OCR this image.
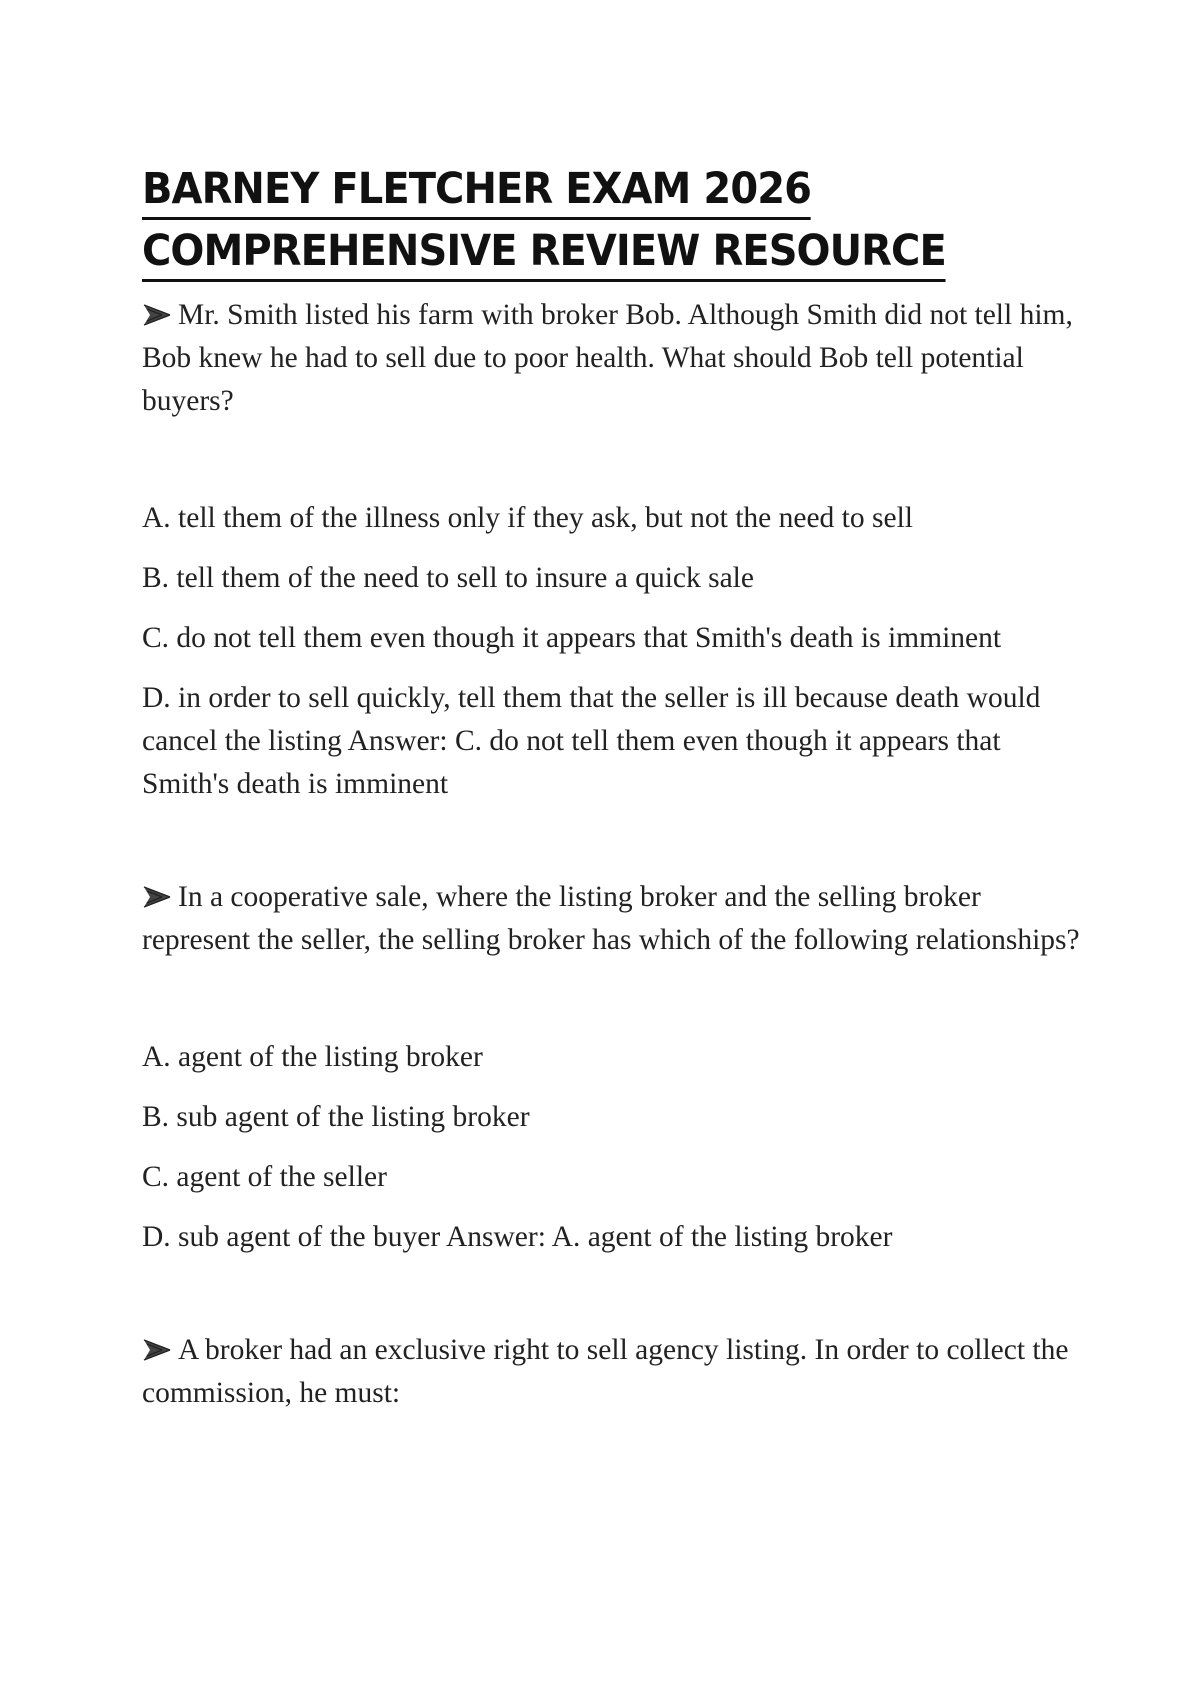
BARNEY FLETCHER EXAM 2026
COMPREHENSIVE REVIEW RESOURCE

Mr. Smith listed his farm with broker Bob. Although Smith did not tell him, Bob knew he had to sell due to poor health. What should Bob tell potential buyers?

A. tell them of the illness only if they ask, but not the need to sell
B. tell them of the need to sell to insure a quick sale
C. do not tell them even though it appears that Smith's death is imminent
D. in order to sell quickly, tell them that the seller is ill because death would cancel the listing Answer: C. do not tell them even though it appears that Smith's death is imminent

In a cooperative sale, where the listing broker and the selling broker represent the seller, the selling broker has which of the following relationships?

A. agent of the listing broker
B. sub agent of the listing broker
C. agent of the seller
D. sub agent of the buyer Answer: A. agent of the listing broker

A broker had an exclusive right to sell agency listing. In order to collect the commission, he must:
